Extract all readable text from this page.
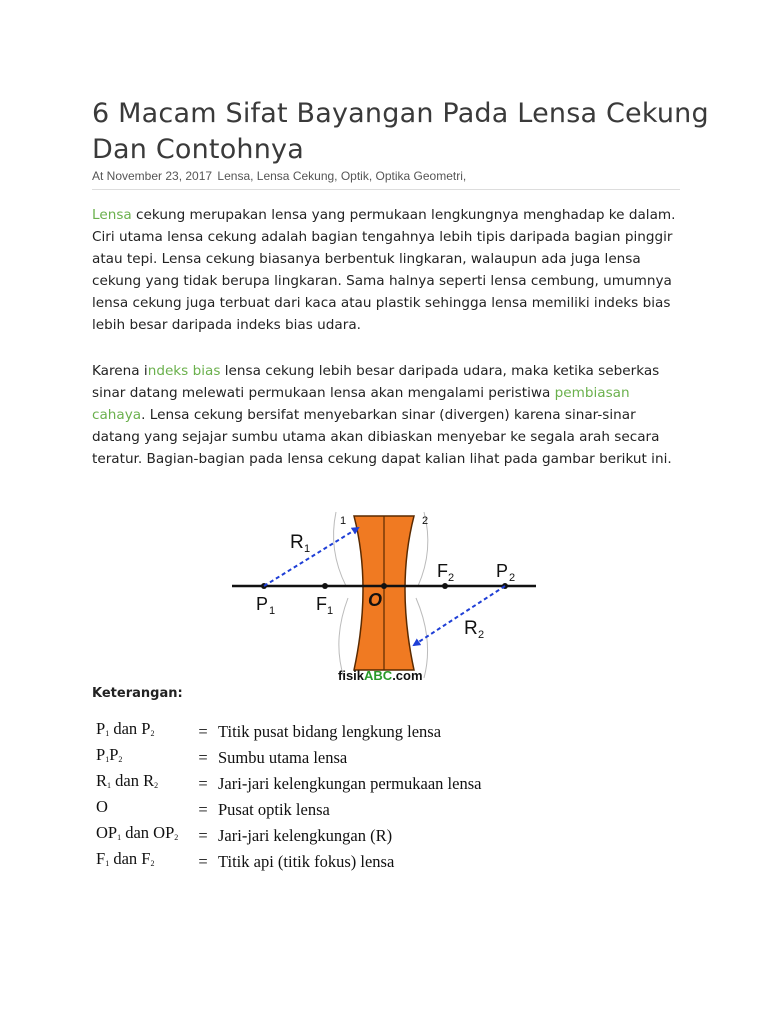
6 Macam Sifat Bayangan Pada Lensa Cekung Dan Contohnya
At November 23, 2017 Lensa, Lensa Cekung, Optik, Optika Geometri,

Lensa cekung merupakan lensa yang permukaan lengkungnya menghadap ke dalam. Ciri utama lensa cekung adalah bagian tengahnya lebih tipis daripada bagian pinggir atau tepi. Lensa cekung biasanya berbentuk lingkaran, walaupun ada juga lensa cekung yang tidak berupa lingkaran. Sama halnya seperti lensa cembung, umumnya lensa cekung juga terbuat dari kaca atau plastik sehingga lensa memiliki indeks bias lebih besar daripada indeks bias udara.

Karena indeks bias lensa cekung lebih besar daripada udara, maka ketika seberkas sinar datang melewati permukaan lensa akan mengalami peristiwa pembiasan cahaya. Lensa cekung bersifat menyebarkan sinar (divergen) karena sinar-sinar datang yang sejajar sumbu utama akan dibiaskan menyebar ke segala arah secara teratur. Bagian-bagian pada lensa cekung dapat kalian lihat pada gambar berikut ini.

1	2
R 1
P 1 F 1
O
F 2 P 2
R 2
fisikABC.com
Keterangan:
$P_1$ dan $P_2$	=	Titik pusat bidang lengkung lensa
$P_1P_2$	=	Sumbu utama lensa
$R_1$ dan $R_2$	=	Jari-jari kelengkungan permukaan lensa
O	=	Pusat optik lensa
$OP_1$ dan $OP_2$	=	Jari-jari kelengkungan (R)
$F_1$ dan $F_2$	=	Titik api (titik fokus) lensa
